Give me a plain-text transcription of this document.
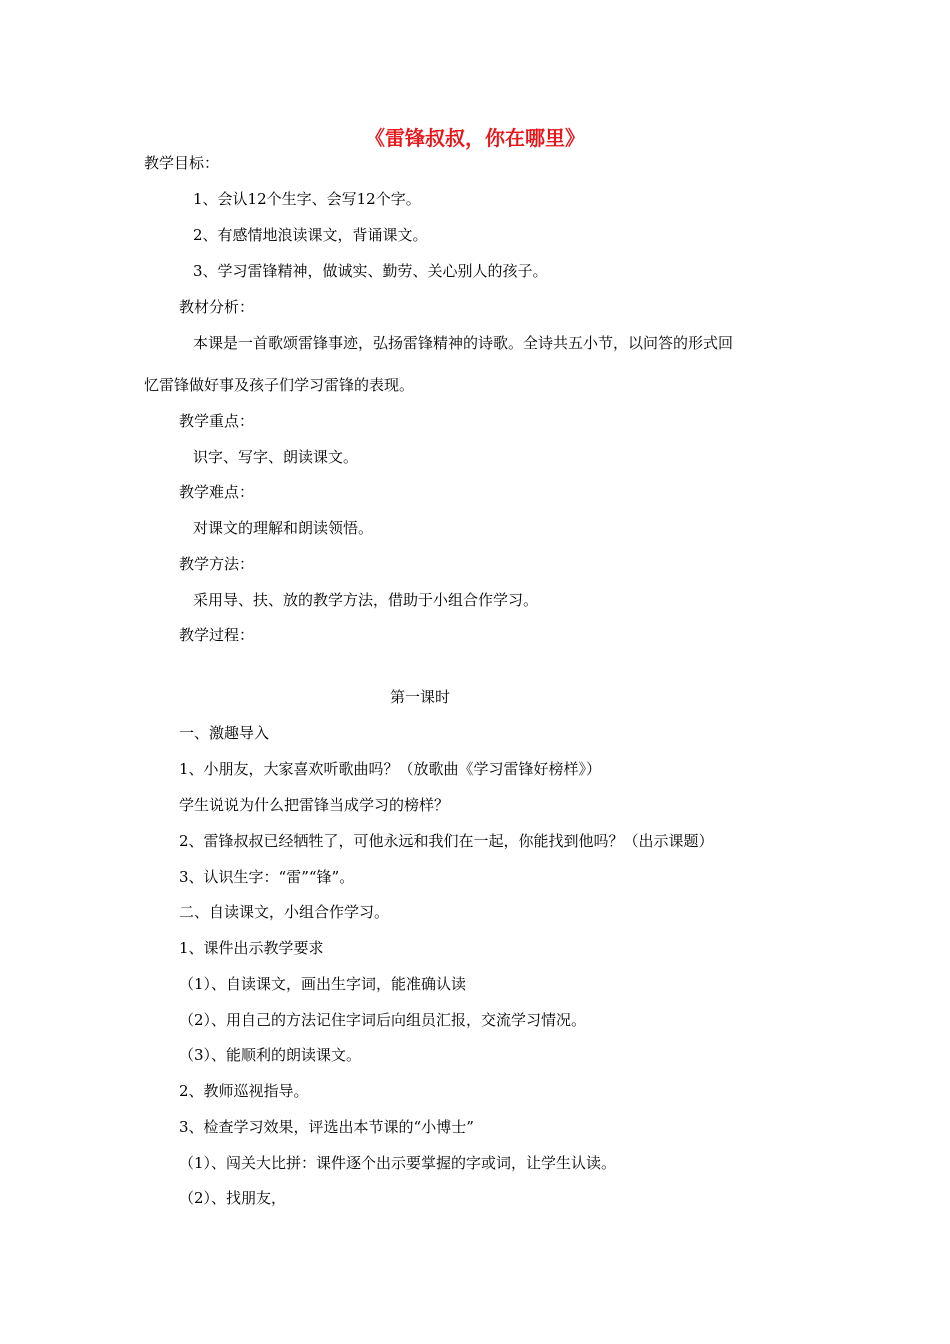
《雷锋叔叔，你在哪里》
教学目标：
1、会认12个生字、会写12个字。
2、有感情地浪读课文，背诵课文。
3、学习雷锋精神，做诚实、勤劳、关心别人的孩子。
教材分析：
本课是一首歌颂雷锋事迹，弘扬雷锋精神的诗歌。全诗共五小节，以问答的形式回
忆雷锋做好事及孩子们学习雷锋的表现。
教学重点：
识字、写字、朗读课文。
教学难点：
对课文的理解和朗读领悟。
教学方法：
采用导、扶、放的教学方法，借助于小组合作学习。
教学过程：
第一课时
一、激趣导入
1、小朋友，大家喜欢听歌曲吗？（放歌曲《学习雷锋好榜样》）
学生说说为什么把雷锋当成学习的榜样？
2、雷锋叔叔已经牺牲了，可他永远和我们在一起，你能找到他吗？（出示课题）
3、认识生字：“雷”“锋”。
二、自读课文，小组合作学习。
1、课件出示教学要求
（1）、自读课文，画出生字词，能准确认读
（2）、用自己的方法记住字词后向组员汇报，交流学习情况。
（3）、能顺利的朗读课文。
2、教师巡视指导。
3、检查学习效果，评选出本节课的“小博士”
（1）、闯关大比拼：课件逐个出示要掌握的字或词，让学生认读。
（2）、找朋友，
